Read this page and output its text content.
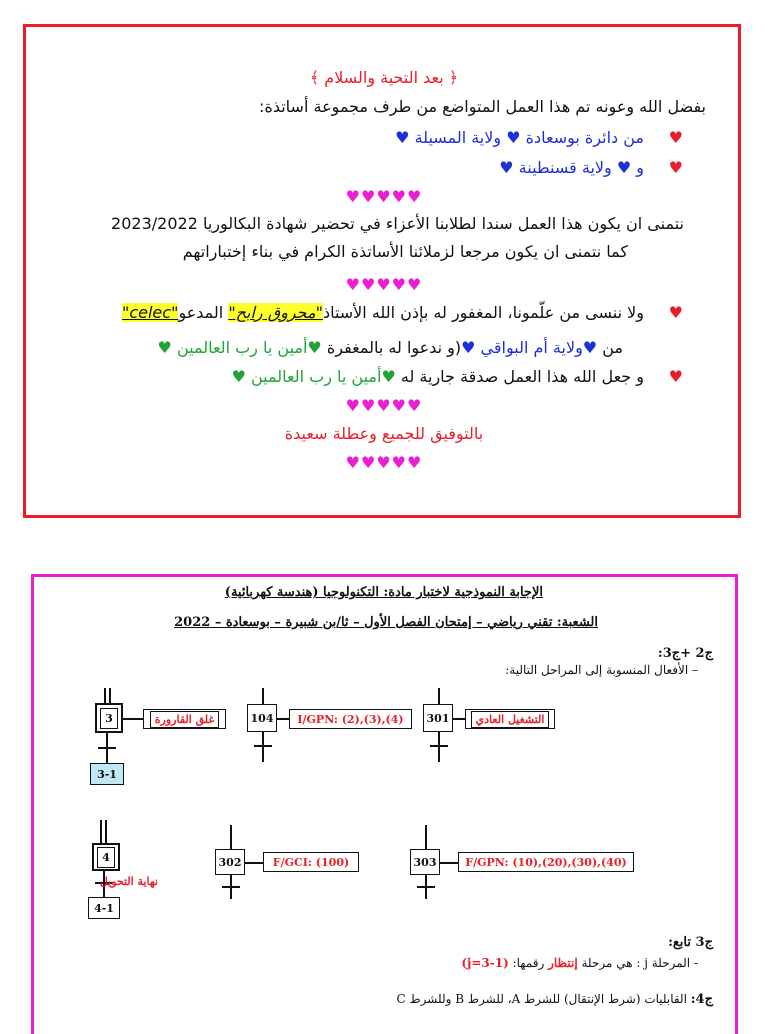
﴿ بعد التحية والسلام ﴾
بفضل الله وعونه تم هذا العمل المتواضع من طرف مجموعة أساتذة:
♥
من دائرة بوسعادة ♥ ولاية المسيلة ♥
♥
و ♥ ولاية قسنطينة ♥
♥♥♥♥♥
نتمنى ان يكون هذا العمل سندا لطلابنا الأعزاء في تحضير شهادة البكالوريا 2023/2022
كما نتمنى ان يكون مرجعا لزملائنا الأساتذة الكرام في بناء إختباراتهم
♥♥♥♥♥
♥
ولا ننسى من علّمونا، المغفور له بإذن الله الأستاذ"محروق رابح" المدعو"celec"
من ♥ولاية أم البواقي ♥(و ندعوا له بالمغفرة ♥أمين يا رب العالمين ♥
♥
و جعل الله هذا العمل صدقة جارية له ♥أمين يا رب العالمين ♥
♥♥♥♥♥
بالتوفيق للجميع وعطلة سعيدة
♥♥♥♥♥
الإجابة النموذجية لاختبار مادة: التكنولوجيا (هندسة كهربائية)
الشعبة: تقني رياضي – إمتحان الفصل الأول – ثا/بن شبيرة – بوسعادة – 2022
ج2 +ج3:
– الأفعال المنسوبة إلى المراحل التالية:
3	غلق القارورة
3-1
104	I/GPN: (2),(3),(4)	301	التشغيل العادي
4
نهاية التحويل
4-1
302	F/GCI: (100)	303	F/GPN: (10),(20),(30),(40)
ج3 تابع:
- المرحلة j : هي مرحلة إنتظار رقمها: (j=3-1)
ج4: القابليات (شرط الإنتقال) للشرط A، للشرط B وللشرط C
